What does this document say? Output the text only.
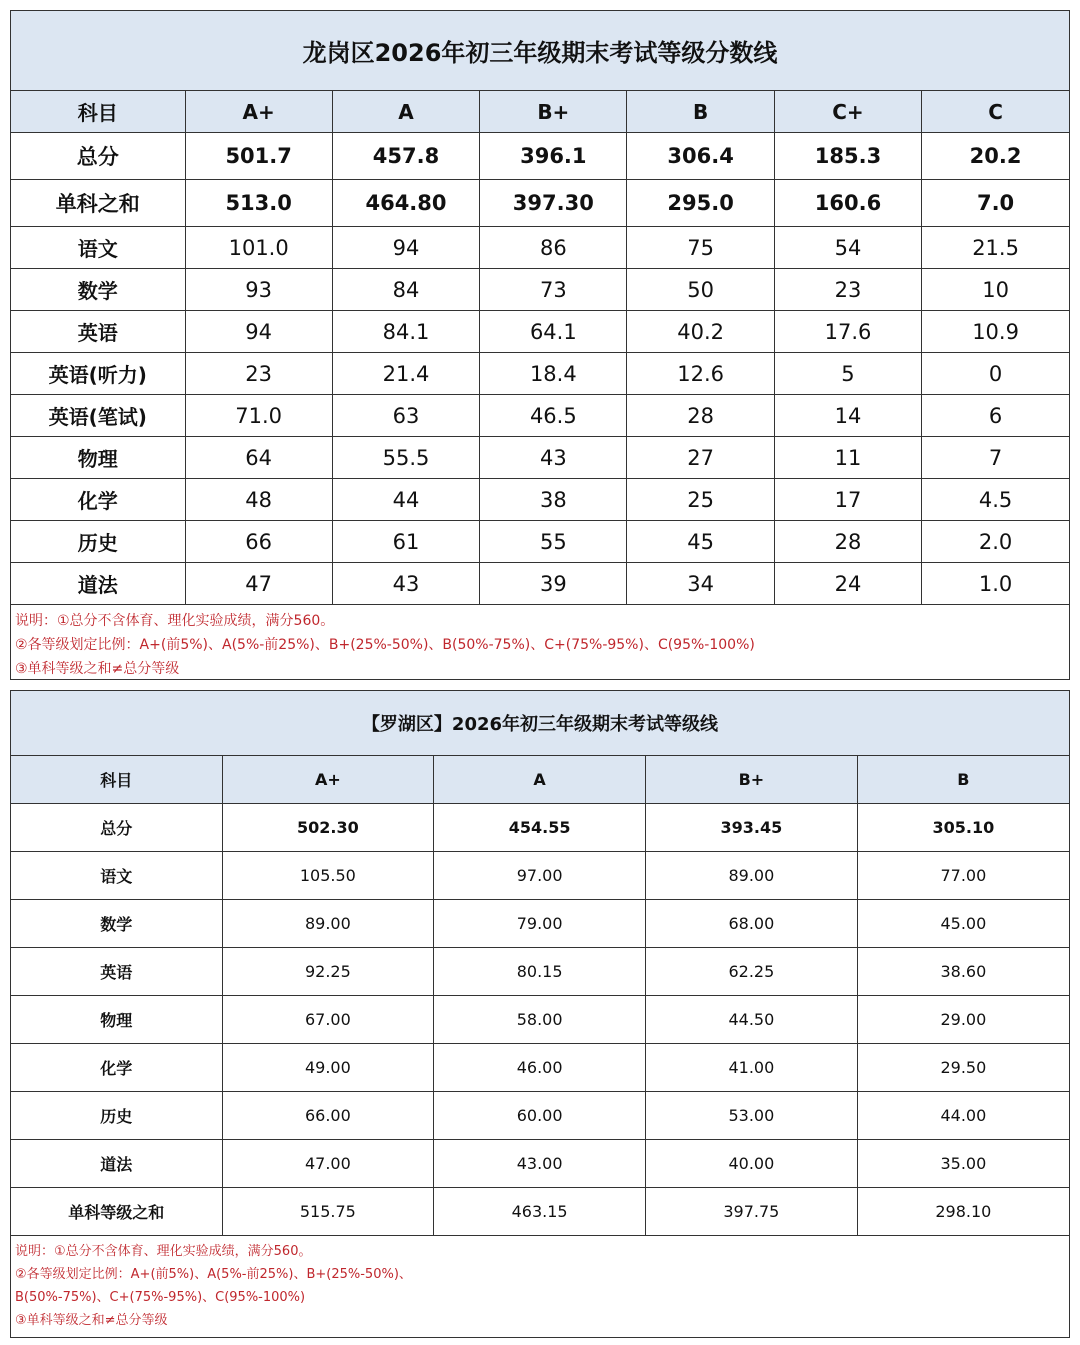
龙岗区2026年初三年级期末考试等级分数线
科目	A+	A	B+	B	C+	C
总分	501.7	457.8	396.1	306.4	185.3	20.2
单科之和	513.0	464.80	397.30	295.0	160.6	7.0
语文	101.0	94	86	75	54	21.5
数学	93	84	73	50	23	10
英语	94	84.1	64.1	40.2	17.6	10.9
英语(听力)	23	21.4	18.4	12.6	5	0
英语(笔试)	71.0	63	46.5	28	14	6
物理	64	55.5	43	27	11	7
化学	48	44	38	25	17	4.5
历史	66	61	55	45	28	2.0
道法	47	43	39	34	24	1.0
说明：①总分不含体育、理化实验成绩，满分560。
②各等级划定比例：A+(前5%)、A(5%-前25%)、B+(25%-50%)、B(50%-75%)、C+(75%-95%)、C(95%-100%)
③单科等级之和≠总分等级
【罗湖区】2026年初三年级期末考试等级线
科目	A+	A	B+	B
总分	502.30	454.55	393.45	305.10
语文	105.50	97.00	89.00	77.00
数学	89.00	79.00	68.00	45.00
英语	92.25	80.15	62.25	38.60
物理	67.00	58.00	44.50	29.00
化学	49.00	46.00	41.00	29.50
历史	66.00	60.00	53.00	44.00
道法	47.00	43.00	40.00	35.00
单科等级之和	515.75	463.15	397.75	298.10
说明：①总分不含体育、理化实验成绩，满分560。
②各等级划定比例：A+(前5%)、A(5%-前25%)、B+(25%-50%)、
B(50%-75%)、C+(75%-95%)、C(95%-100%)
③单科等级之和≠总分等级
